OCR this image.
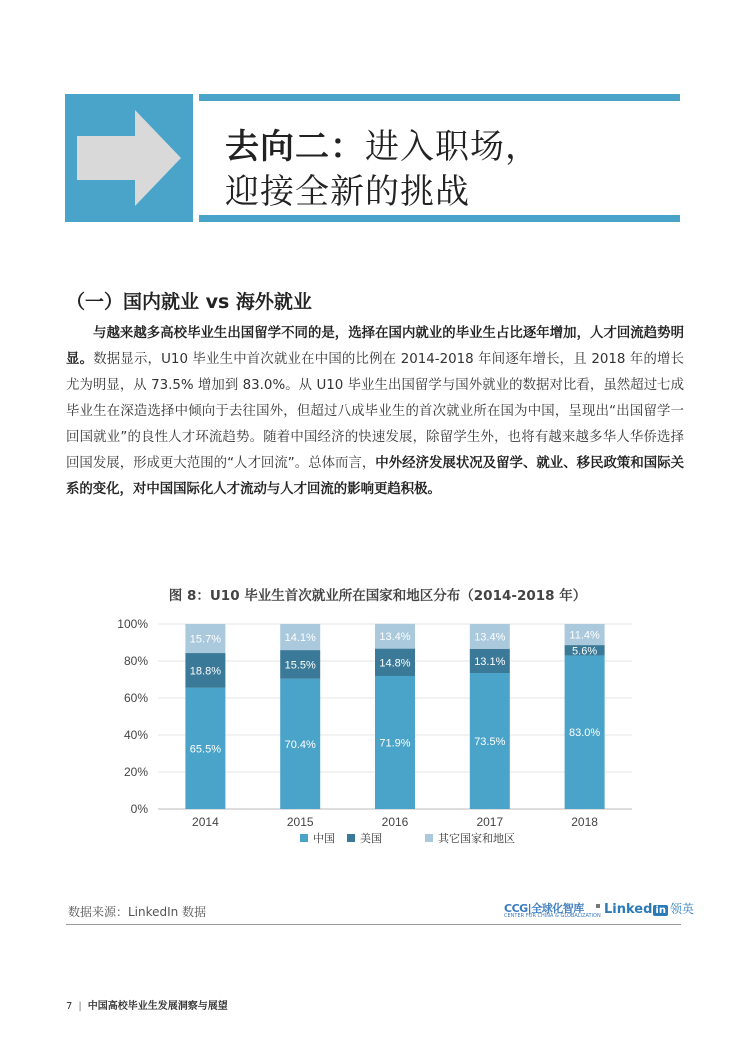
去向二：进入职场，
迎接全新的挑战
（一）国内就业 vs 海外就业
与越来越多高校毕业生出国留学不同的是，选择在国内就业的毕业生占比逐年增加，人才回流趋势明显。数据显示，U10 毕业生中首次就业在中国的比例在 2014-2018 年间逐年增长，且 2018 年的增长尤为明显，从 73.5% 增加到 83.0%。从 U10 毕业生出国留学与国外就业的数据对比看，虽然超过七成毕业生在深造选择中倾向于去往国外，但超过八成毕业生的首次就业所在国为中国，呈现出“出国留学一回国就业”的良性人才环流趋势。随着中国经济的快速发展，除留学生外，也将有越来越多华人华侨选择回国发展，形成更大范围的“人才回流”。总体而言，中外经济发展状况及留学、就业、移民政策和国际关系的变化，对中国国际化人才流动与人才回流的影响更趋积极。
图 8：U10 毕业生首次就业所在国家和地区分布（2014-2018 年）
0%
20%
40%
60%
80%
100%
65.5%
18.8%
15.7%
2014
70.4%
15.5%
14.1%
2015
71.9%
14.8%
13.4%
2016
73.5%
13.1%
13.4%
2017
83.0%
5.6%
11.4%
2018
中国 美国	其它国家和地区
数据来源：LinkedIn 数据	CCG|全球化智库
CENTER FOR CHINA & GLOBALIZATION Linked in 领英
7 | 中国高校毕业生发展洞察与展望
